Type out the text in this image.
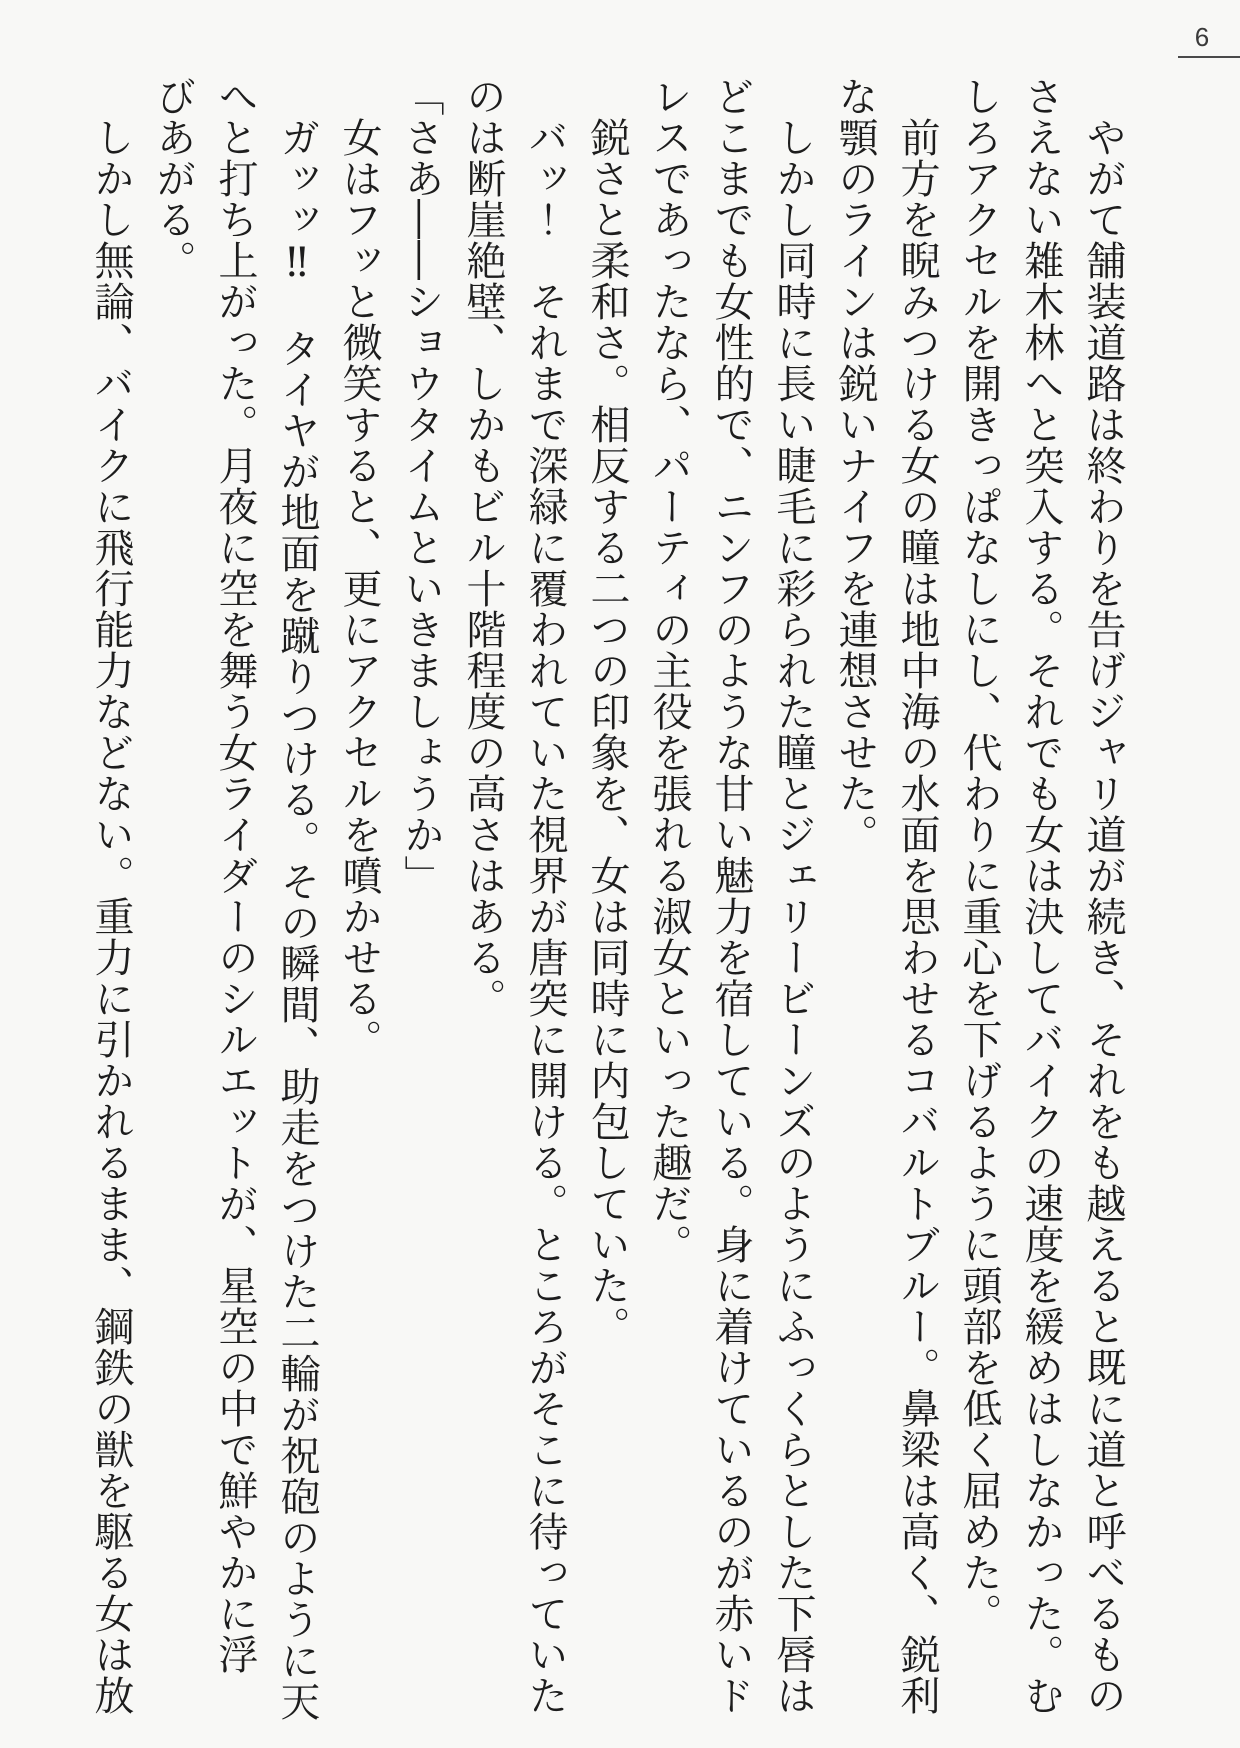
6
やがて舗装道路は終わりを告げジャリ道が続き、それをも越えると既に道と呼べるもの
さえない雑木林へと突入する。それでも女は決してバイクの速度を緩めはしなかった。む
しろアクセルを開きっぱなしにし、代わりに重心を下げるように頭部を低く屈めた。
前方を睨みつける女の瞳は地中海の水面を思わせるコバルトブルー。鼻梁は高く、鋭利
な顎のラインは鋭いナイフを連想させた。
しかし同時に長い睫毛に彩られた瞳とジェリービーンズのようにふっくらとした下唇は
どこまでも女性的で、ニンフのような甘い魅力を宿している。身に着けているのが赤いド
レスであったなら、パーティの主役を張れる淑女といった趣だ。
鋭さと柔和さ。相反する二つの印象を、女は同時に内包していた。
バッ！　それまで深緑に覆われていた視界が唐突に開ける。ところがそこに待っていた
のは断崖絶壁、しかもビル十階程度の高さはある。
「さあ――ショウタイムといきましょうか」
女はフッと微笑すると、更にアクセルを噴かせる。
ガッッ‼　タイヤが地面を蹴りつける。その瞬間、助走をつけた二輪が祝砲のように天
へと打ち上がった。月夜に空を舞う女ライダーのシルエットが、星空の中で鮮やかに浮
びあがる。
しかし無論、バイクに飛行能力などない。重力に引かれるまま、鋼鉄の獣を駆る女は放
